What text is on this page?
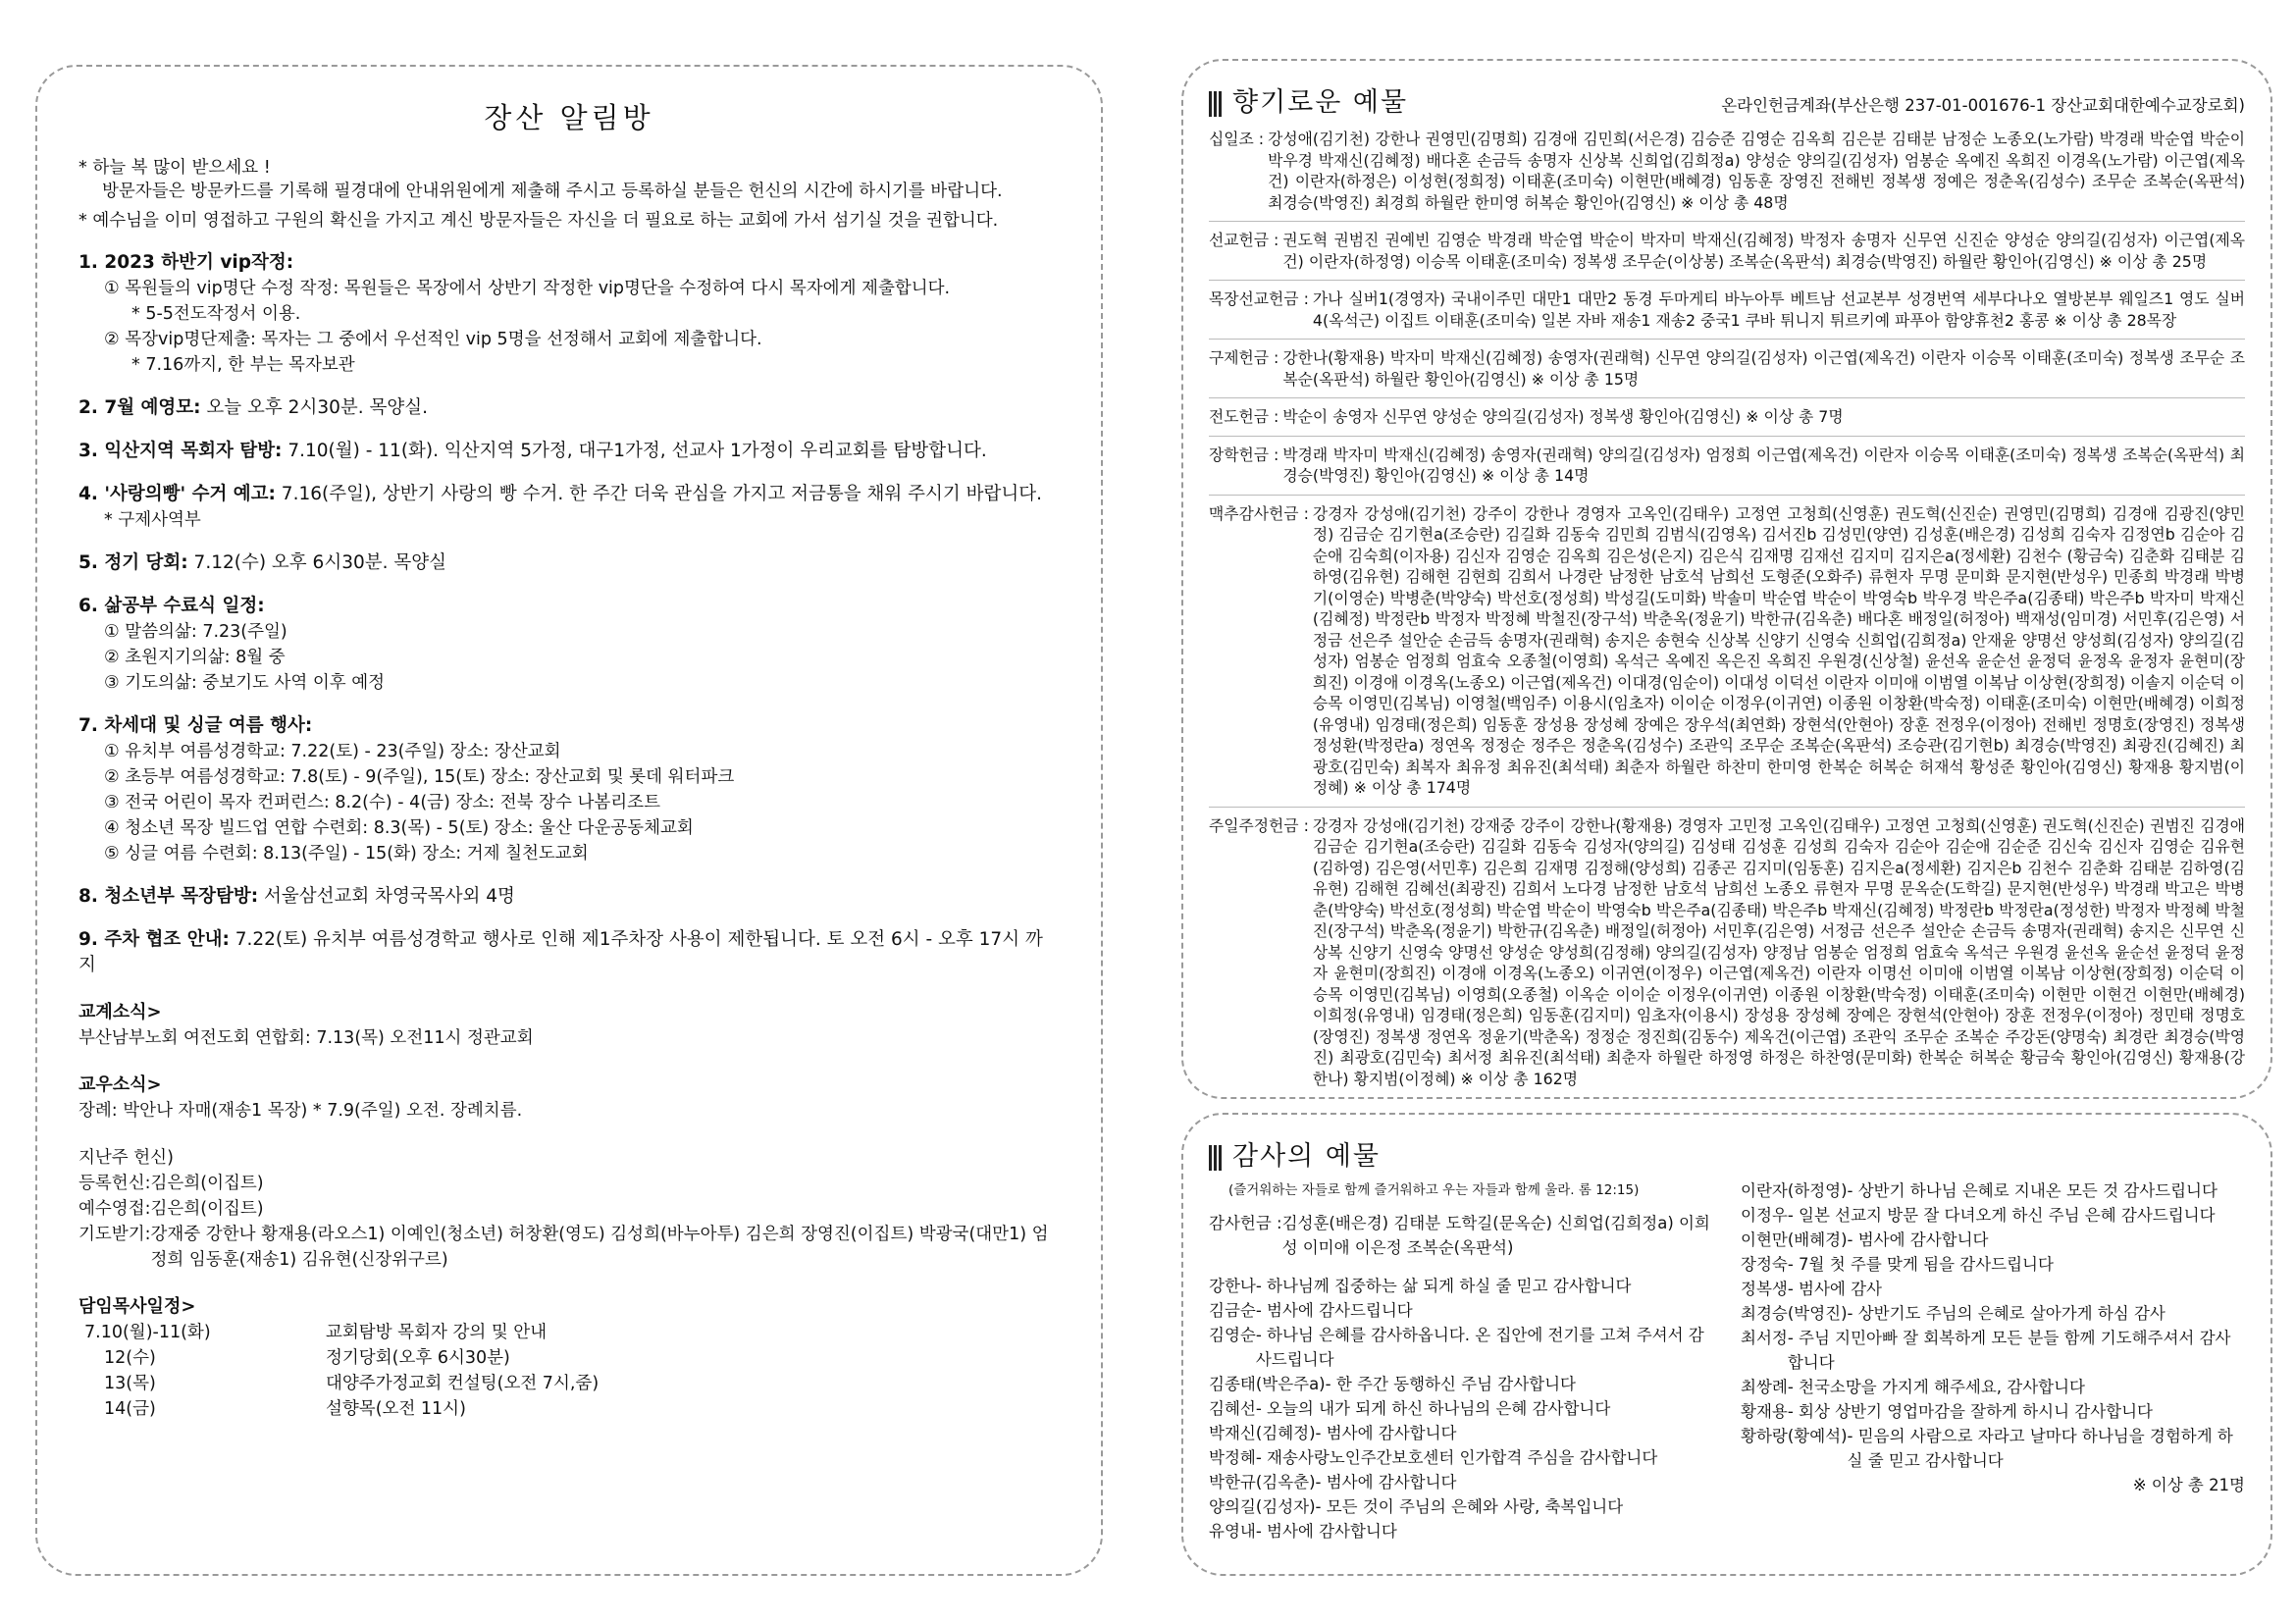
장산 알림방

* 하늘 복 많이 받으세요 !

방문자들은 방문카드를 기록해 필경대에 안내위원에게 제출해 주시고 등록하실 분들은 헌신의 시간에 하시기를 바랍니다.

* 예수님을 이미 영접하고 구원의 확신을 가지고 계신 방문자들은 자신을 더 필요로 하는 교회에 가서 섬기실 것을 권합니다.

1. 2023 하반기 vip작정:
① 목원들의 vip명단 수정 작정: 목원들은 목장에서 상반기 작정한 vip명단을 수정하여 다시 목자에게 제출합니다.
* 5-5전도작정서 이용.
② 목장vip명단제출: 목자는 그 중에서 우선적인 vip 5명을 선정해서 교회에 제출합니다.
* 7.16까지, 한 부는 목자보관
2. 7월 예영모: 오늘 오후 2시30분. 목양실.
3. 익산지역 목회자 탐방: 7.10(월) - 11(화). 익산지역 5가정, 대구1가정, 선교사 1가정이 우리교회를 탐방합니다.
4. '사랑의빵' 수거 예고: 7.16(주일), 상반기 사랑의 빵 수거. 한 주간 더욱 관심을 가지고 저금통을 채워 주시기 바랍니다.
* 구제사역부
5. 정기 당회: 7.12(수) 오후 6시30분. 목양실
6. 삶공부 수료식 일정:
① 말씀의삶: 7.23(주일)
② 초원지기의삶: 8월 중
③ 기도의삶: 중보기도 사역 이후 예정
7. 차세대 및 싱글 여름 행사:
① 유치부 여름성경학교: 7.22(토) - 23(주일) 장소: 장산교회
② 초등부 여름성경학교: 7.8(토) - 9(주일), 15(토) 장소: 장산교회 및 롯데 워터파크
③ 전국 어린이 목자 컨퍼런스: 8.2(수) - 4(금) 장소: 전북 장수 나봄리조트
④ 청소년 목장 빌드업 연합 수련회: 8.3(목) - 5(토) 장소: 울산 다운공동체교회
⑤ 싱글 여름 수련회: 8.13(주일) - 15(화) 장소: 거제 칠천도교회
8. 청소년부 목장탐방: 서울삼선교회 차영국목사외 4명
9. 주차 협조 안내: 7.22(토) 유치부 여름성경학교 행사로 인해 제1주차장 사용이 제한됩니다. 토 오전 6시 - 오후 17시 까지
교계소식>
부산남부노회 여전도회 연합회: 7.13(목) 오전11시 정관교회
교우소식>
장례: 박안나 자매(재송1 목장) * 7.9(주일) 오전. 장례치름.
지난주 헌신)
등록헌신: 김은희(이집트)
예수영접: 김은희(이집트)
기도받기: 강재중 강한나 황재용(라오스1) 이예인(청소년) 허창환(영도) 김성희(바누아투) 김은희 장영진(이집트) 박광국(대만1) 엄정희 임동훈(재송1) 김유현(신장위구르)
담임목사일정>
7.10(월)-11(화)	교회탐방 목회자 강의 및 안내
12(수)	정기당회(오후 6시30분)
13(목)	대양주가정교회 컨설팅(오전 7시,줌)
14(금)	설향목(오전 11시)
향기로운 예물	온라인헌금계좌(부산은행 237-01-001676-1 장산교회대한예수교장로회)
십일조 : 강성애(김기천) 강한나 권영민(김명희) 김경애 김민희(서은경) 김승준 김영순 김옥희 김은분 김태분 남정순 노종오(노가람) 박경래 박순엽 박순이 박우경 박재신(김혜정) 배다혼 손금득 송명자 신상복 신희업(김희정a) 양성순 양의길(김성자) 엄봉순 옥예진 옥희진 이경옥(노가람) 이근엽(제옥건) 이란자(하정은) 이성현(정희정) 이태훈(조미숙) 이현만(배혜경) 임동훈 장영진 전해빈 정복생 정예은 정춘옥(김성수) 조무순 조복순(옥판석) 최경승(박영진) 최경희 하월란 한미영 허복순 황인아(김영신) ※ 이상 총 48명
선교헌금 : 권도혁 권범진 권예빈 김영순 박경래 박순엽 박순이 박자미 박재신(김혜정) 박정자 송명자 신무연 신진순 양성순 양의길(김성자) 이근엽(제옥건) 이란자(하정영) 이승목 이태훈(조미숙) 정복생 조무순(이상봉) 조복순(옥판석) 최경승(박영진) 하월란 황인아(김영신) ※ 이상 총 25명
목장선교헌금 : 가나 실버1(경영자) 국내이주민 대만1 대만2 동경 두마게티 바누아투 베트남 선교본부 성경번역 세부다나오 열방본부 웨일즈1 영도 실버4(옥석근) 이집트 이태훈(조미숙) 일본 자바 재송1 재송2 중국1 쿠바 튀니지 튀르키예 파푸아 함양휴천2 홍콩 ※ 이상 총 28목장
구제헌금 : 강한나(황재용) 박자미 박재신(김혜정) 송영자(권래혁) 신무연 양의길(김성자) 이근엽(제옥건) 이란자 이승목 이태훈(조미숙) 정복생 조무순 조복순(옥판석) 하월란 황인아(김영신) ※ 이상 총 15명
전도헌금 : 박순이 송영자 신무연 양성순 양의길(김성자) 정복생 황인아(김영신) ※ 이상 총 7명
장학헌금 : 박경래 박자미 박재신(김혜정) 송영자(권래혁) 양의길(김성자) 엄정희 이근엽(제옥건) 이란자 이승목 이태훈(조미숙) 정복생 조복순(옥판석) 최경승(박영진) 황인아(김영신) ※ 이상 총 14명
맥추감사헌금 : 강경자 강성애(김기천) 강주이 강한나 경영자 고옥인(김태우) 고정연 고청희(신영훈) 권도혁(신진순) 권영민(김명희) 김경애 김광진(양민정) 김금순 김기현a(조승란) 김길화 김동숙 김민희 김범식(김영옥) 김서진b 김성민(양연) 김성훈(배은경) 김성희 김숙자 김정연b 김순아 김순애 김숙희(이자용) 김신자 김영순 김옥희 김은성(은지) 김은식 김재명 김재선 김지미 김지은a(정세환) 김천수 (황금숙) 김춘화 김태분 김하영(김유현) 김해현 김현희 김희서 나경란 남정한 남호석 남희선 도형준(오화주) 류현자 무명 문미화 문지현(반성우) 민종희 박경래 박병기(이영순) 박병춘(박양숙) 박선호(정성희) 박성길(도미화) 박솔미 박순엽 박순이 박영숙b 박우경 박은주a(김종태) 박은주b 박자미 박재신(김혜정) 박정란b 박정자 박정혜 박철진(장구석) 박춘옥(정윤기) 박한규(김옥춘) 배다혼 배정일(허정아) 백재성(임미경) 서민후(김은영) 서정금 선은주 설안순 손금득 송명자(권래혁) 송지은 송현숙 신상복 신양기 신영숙 신희업(김희정a) 안재윤 양명선 양성희(김성자) 양의길(김성자) 엄봉순 엄정희 엄효숙 오종철(이영희) 옥석근 옥예진 옥은진 옥희진 우원경(신상철) 윤선옥 윤순선 윤정덕 윤정옥 윤정자 윤현미(장희진) 이경애 이경옥(노종오) 이근엽(제옥건) 이대경(임순이) 이대성 이덕선 이란자 이미애 이범열 이복남 이상현(장희정) 이솔지 이순덕 이승목 이영민(김복님) 이영철(백임주) 이용시(임초자) 이이순 이정우(이귀연) 이종원 이창환(박숙정) 이태훈(조미숙) 이현만(배혜경) 이희정(유영내) 임경태(정은희) 임동훈 장성용 장성혜 장예은 장우석(최연화) 장현석(안현아) 장훈 전정우(이정아) 전해빈 정명호(장영진) 정복생 정성환(박정란a) 정연옥 정정순 정주은 정춘옥(김성수) 조관익 조무순 조복순(옥판석) 조승관(김기현b) 최경승(박영진) 최광진(김혜진) 최광호(김민숙) 최복자 최유정 최유진(최석태) 최춘자 하월란 하찬미 한미영 한복순 허복순 허재석 황성준 황인아(김영신) 황재용 황지범(이정혜) ※ 이상 총 174명
주일주정헌금 : 강경자 강성애(김기천) 강재중 강주이 강한나(황재용) 경영자 고민정 고옥인(김태우) 고정연 고청희(신영훈) 권도혁(신진순) 권범진 김경애 김금순 김기현a(조승란) 김길화 김동숙 김성자(양의길) 김성태 김성훈 김성희 김숙자 김순아 김순애 김순준 김신숙 김신자 김영순 김유현(김하영) 김은영(서민후) 김은희 김재명 김정해(양성희) 김종곤 김지미(임동훈) 김지은a(정세환) 김지은b 김천수 김춘화 김태분 김하영(김유현) 김해현 김혜선(최광진) 김희서 노다경 남정한 남호석 남희선 노종오 류현자 무명 문옥순(도학길) 문지현(반성우) 박경래 박고은 박병춘(박양숙) 박선호(정성희) 박순엽 박순이 박영숙b 박은주a(김종태) 박은주b 박재신(김혜정) 박정란b 박정란a(정성한) 박정자 박정혜 박철진(장구석) 박춘옥(정윤기) 박한규(김옥춘) 배정일(허정아) 서민후(김은영) 서정금 선은주 설안순 손금득 송명자(권래혁) 송지은 신무연 신상복 신양기 신영숙 양명선 양성순 양성희(김정해) 양의길(김성자) 양정남 엄봉순 엄정희 엄효숙 옥석근 우원경 윤선옥 윤순선 윤정덕 윤정자 윤현미(장희진) 이경애 이경옥(노종오) 이귀연(이정우) 이근엽(제옥건) 이란자 이명선 이미애 이범열 이복남 이상현(장희정) 이순덕 이승목 이영민(김복님) 이영희(오종철) 이옥순 이이순 이정우(이귀연) 이종원 이창환(박숙정) 이태훈(조미숙) 이현만 이현건 이현만(배혜경) 이희정(유영내) 임경태(정은희) 임동훈(김지미) 임초자(이용시) 장성용 장성혜 장예은 장현석(안현아) 장훈 전정우(이정아) 정민태 정명호(장영진) 정복생 정연옥 정윤기(박춘옥) 정정순 정진희(김동수) 제옥건(이근엽) 조관익 조무순 조복순 주강돈(양명숙) 최경란 최경승(박영진) 최광호(김민숙) 최서정 최유진(최석태) 최춘자 하월란 하정영 하정은 하찬영(문미화) 한복순 허복순 황금숙 황인아(김영신) 황재용(강한나) 황지범(이정혜) ※ 이상 총 162명
감사의 예물
(즐거워하는 자들로 함께 즐거워하고 우는 자들과 함께 울라. 롬 12:15)
감사헌금 : 김성훈(배은경) 김태분 도학길(문옥순) 신희업(김희정a) 이희성 이미애 이은정 조복순(옥판석)
강한나 - 하나님께 집중하는 삶 되게 하실 줄 믿고 감사합니다
김금순 - 범사에 감사드립니다
김영순 - 하나님 은혜를 감사하옵니다. 온 집안에 전기를 고쳐 주셔서 감사드립니다
김종태(박은주a) - 한 주간 동행하신 주님 감사합니다
김혜선 - 오늘의 내가 되게 하신 하나님의 은혜 감사합니다
박재신(김혜정) - 범사에 감사합니다
박정혜 - 재송사랑노인주간보호센터 인가합격 주심을 감사합니다
박한규(김옥춘) - 범사에 감사합니다
양의길(김성자) - 모든 것이 주님의 은혜와 사랑, 축복입니다
유영내 - 범사에 감사합니다
이란자(하정영) - 상반기 하나님 은혜로 지내온 모든 것 감사드립니다
이정우 - 일본 선교지 방문 잘 다녀오게 하신 주님 은혜 감사드립니다
이현만(배혜경) - 범사에 감사합니다
장정숙 - 7월 첫 주를 맞게 됨을 감사드립니다
정복생 - 범사에 감사
최경승(박영진) - 상반기도 주님의 은혜로 살아가게 하심 감사
최서정 - 주님 지민아빠 잘 회복하게 모든 분들 함께 기도해주셔서 감사합니다
최쌍례 - 천국소망을 가지게 해주세요, 감사합니다
황재용 - 회상 상반기 영업마감을 잘하게 하시니 감사합니다
황하랑(황예석) - 믿음의 사람으로 자라고 날마다 하나님을 경험하게 하실 줄 믿고 감사합니다
※ 이상 총 21명
